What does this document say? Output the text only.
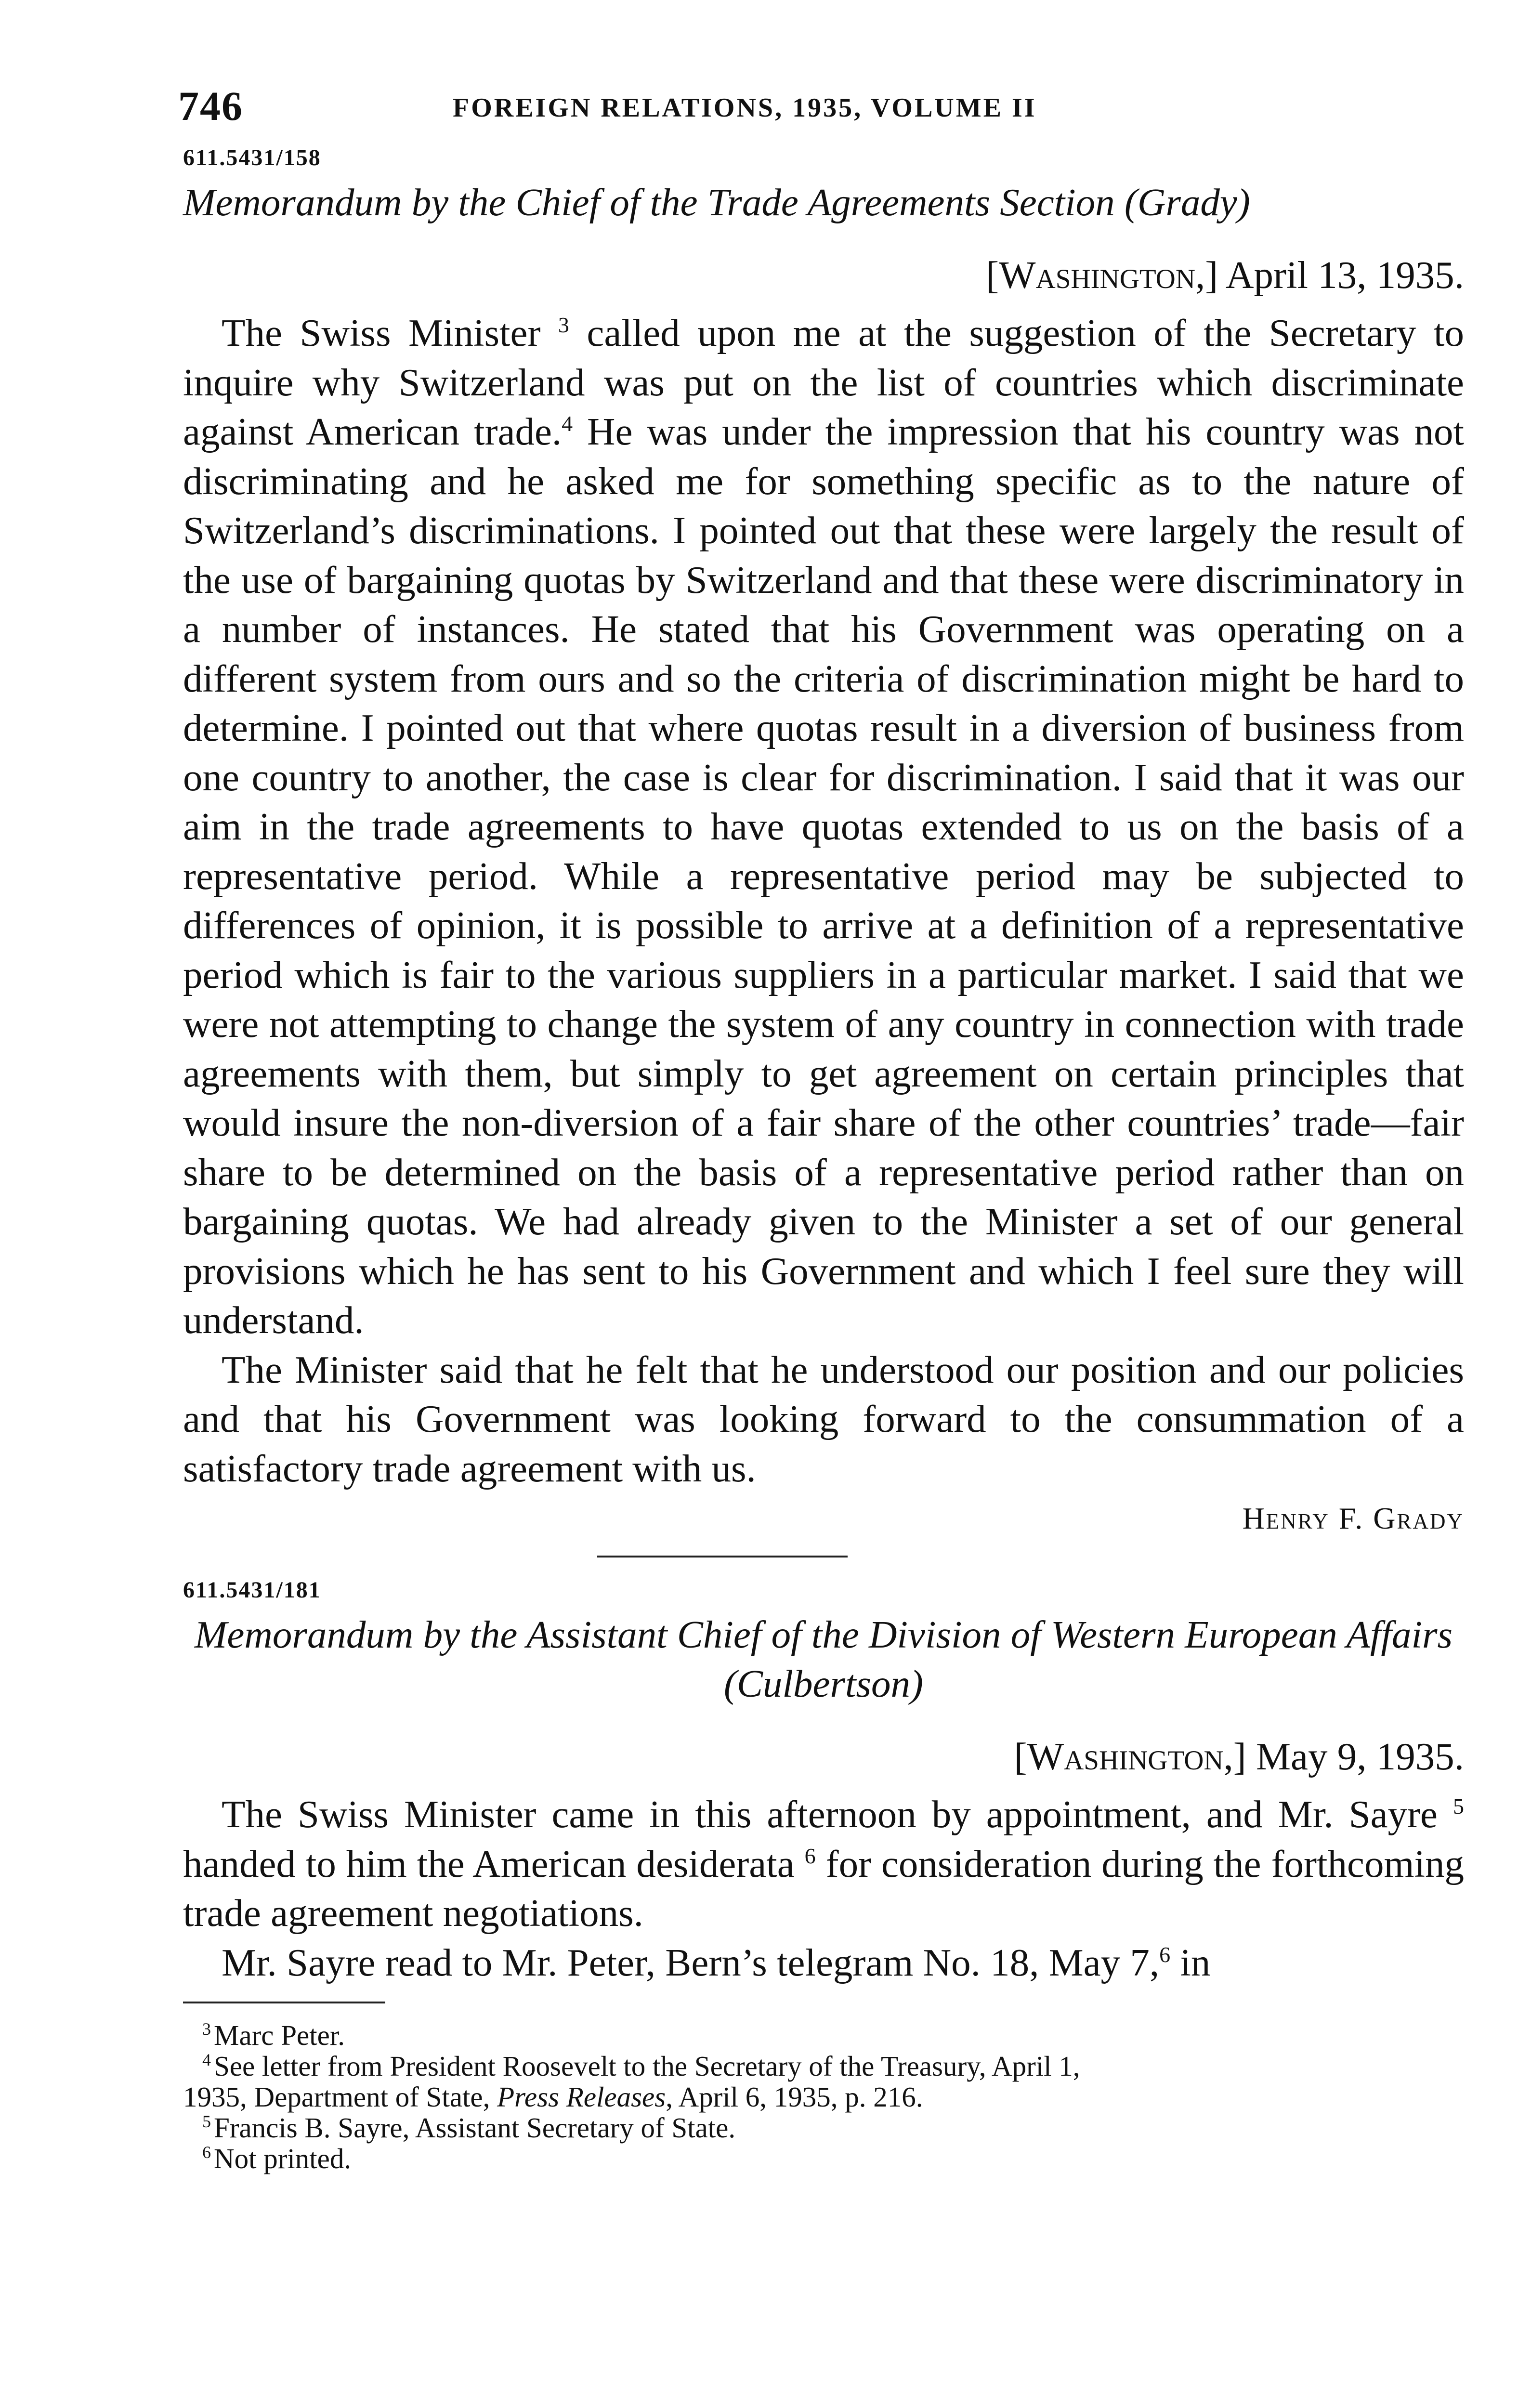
746	FOREIGN RELATIONS, 1935, VOLUME II
611.5431/158
Memorandum by the Chief of the Trade Agreements Section (Grady)
[Washington,] April 13, 1935.

The Swiss Minister $^3$ called upon me at the suggestion of the Secretary to inquire why Switzerland was put on the list of countries which discriminate against American trade.$^4$ He was under the impression that his country was not discriminating and he asked me for something specific as to the nature of Switzerland’s discriminations. I pointed out that these were largely the result of the use of bargaining quotas by Switzerland and that these were discriminatory in a number of instances. He stated that his Government was operating on a different system from ours and so the criteria of discrimination might be hard to determine. I pointed out that where quotas result in a diversion of business from one country to another, the case is clear for discrimination. I said that it was our aim in the trade agreements to have quotas extended to us on the basis of a representative period. While a representative period may be subjected to differences of opinion, it is possible to arrive at a definition of a representative period which is fair to the various suppliers in a particular market. I said that we were not attempting to change the system of any country in connection with trade agreements with them, but simply to get agreement on certain principles that would insure the non-diversion of a fair share of the other countries’ trade—fair share to be determined on the basis of a representative period rather than on bargaining quotas. We had already given to the Minister a set of our general provisions which he has sent to his Government and which I feel sure they will understand.

The Minister said that he felt that he understood our position and our policies and that his Government was looking forward to the consummation of a satisfactory trade agreement with us.

Henry F. Grady
611.5431/181
Memorandum by the Assistant Chief of the Division of Western European Affairs (Culbertson)
[Washington,] May 9, 1935.

The Swiss Minister came in this afternoon by appointment, and Mr. Sayre $^5$ handed to him the American desiderata $^6$ for consideration during the forthcoming trade agreement negotiations.

Mr. Sayre read to Mr. Peter, Bern’s telegram No. 18, May 7,$^6$ in

$^3$ Marc Peter.

$^4$ See letter from President Roosevelt to the Secretary of the Treasury, April 1,

1935, Department of State, Press Releases, April 6, 1935, p. 216.

$^5$ Francis B. Sayre, Assistant Secretary of State.

$^6$ Not printed.
